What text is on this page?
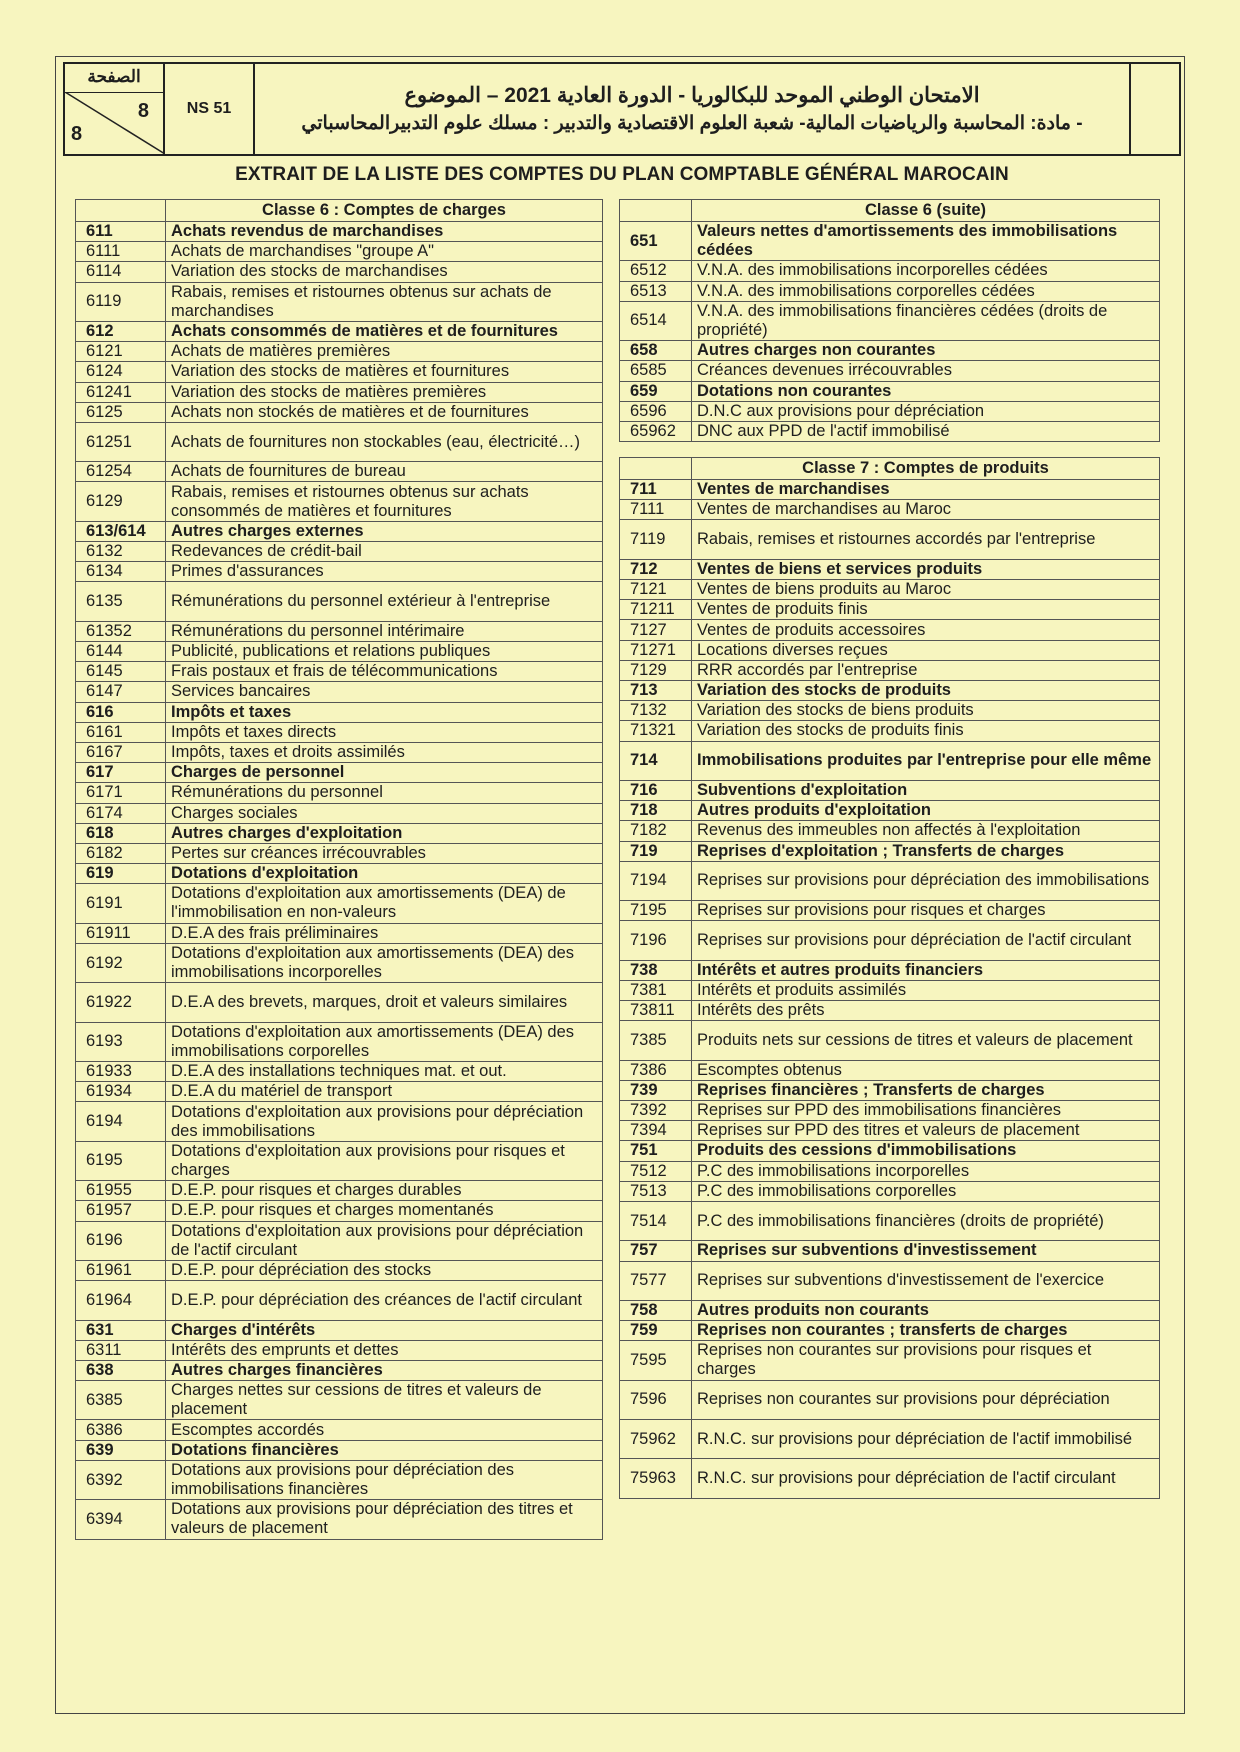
الصفحة
8
8
NS 51
الامتحان الوطني الموحد للبكالوريا - الدورة العادية 2021 – الموضوع
- مادة: المحاسبة والرياضيات المالية- شعبة العلوم الاقتصادية والتدبير : مسلك علوم التدبيرالمحاسباتي
EXTRAIT DE LA LISTE DES COMPTES DU PLAN COMPTABLE GÉNÉRAL MAROCAIN
	Classe 6 : Comptes de charges
611	Achats revendus de marchandises
6111	Achats de marchandises "groupe A"
6114	Variation des stocks de marchandises
6119	Rabais, remises et ristournes obtenus sur achats de marchandises
612	Achats consommés de matières et de fournitures
6121	Achats de matières premières
6124	Variation des stocks de matières et fournitures
61241	Variation des stocks de matières premières
6125	Achats non stockés de matières et de fournitures
61251	Achats de fournitures non stockables (eau, électricité…)
61254	Achats de fournitures de bureau
6129	Rabais, remises et ristournes obtenus sur achats consommés de matières et fournitures
613/614	Autres charges externes
6132	Redevances de crédit-bail
6134	Primes d'assurances
6135	Rémunérations du personnel extérieur à l'entreprise
61352	Rémunérations du personnel intérimaire
6144	Publicité, publications et relations publiques
6145	Frais postaux et frais de télécommunications
6147	Services bancaires
616	Impôts et taxes
6161	Impôts et taxes directs
6167	Impôts, taxes et droits assimilés
617	Charges de personnel
6171	Rémunérations du personnel
6174	Charges sociales
618	Autres charges d'exploitation
6182	Pertes sur créances irrécouvrables
619	Dotations d'exploitation
6191	Dotations d'exploitation aux amortissements (DEA) de l'immobilisation en non-valeurs
61911	D.E.A des frais préliminaires
6192	Dotations d'exploitation aux amortissements (DEA) des immobilisations incorporelles
61922	D.E.A des brevets, marques, droit et valeurs similaires
6193	Dotations d'exploitation aux amortissements (DEA) des immobilisations corporelles
61933	D.E.A des installations techniques mat. et out.
61934	D.E.A du matériel de transport
6194	Dotations d'exploitation aux provisions pour dépréciation des immobilisations
6195	Dotations d'exploitation aux provisions pour risques et charges
61955	D.E.P. pour risques et charges durables
61957	D.E.P. pour risques et charges momentanés
6196	Dotations d'exploitation aux provisions pour dépréciation de l'actif circulant
61961	D.E.P. pour dépréciation des stocks
61964	D.E.P. pour dépréciation des créances de l'actif circulant
631	Charges d'intérêts
6311	Intérêts des emprunts et dettes
638	Autres charges financières
6385	Charges nettes sur cessions de titres et valeurs de placement
6386	Escomptes accordés
639	Dotations financières
6392	Dotations aux provisions pour dépréciation des immobilisations financières
6394	Dotations aux provisions pour dépréciation des titres et valeurs de placement
	Classe 6 (suite)
651	Valeurs nettes d'amortissements des immobilisations cédées
6512	V.N.A. des immobilisations incorporelles cédées
6513	V.N.A. des immobilisations corporelles cédées
6514	V.N.A. des immobilisations financières cédées (droits de propriété)
658	Autres charges non courantes
6585	Créances devenues irrécouvrables
659	Dotations non courantes
6596	D.N.C aux provisions pour dépréciation
65962	DNC aux PPD de l'actif immobilisé

	Classe 7 : Comptes de produits
711	Ventes de marchandises
7111	Ventes de marchandises au Maroc
7119	Rabais, remises et ristournes accordés par l'entreprise
712	Ventes de biens et services produits
7121	Ventes de biens produits au Maroc
71211	Ventes de produits finis
7127	Ventes de produits accessoires
71271	Locations diverses reçues
7129	RRR accordés par l'entreprise
713	Variation des stocks de produits
7132	Variation des stocks de biens produits
71321	Variation des stocks de produits finis
714	Immobilisations produites par l'entreprise pour elle même
716	Subventions d'exploitation
718	Autres produits d'exploitation
7182	Revenus des immeubles non affectés à l'exploitation
719	Reprises d'exploitation ; Transferts de charges
7194	Reprises sur provisions pour dépréciation des immobilisations
7195	Reprises sur provisions pour risques et charges
7196	Reprises sur provisions pour dépréciation de l'actif circulant
738	Intérêts et autres produits financiers
7381	Intérêts et produits assimilés
73811	Intérêts des prêts
7385	Produits nets sur cessions de titres et valeurs de placement
7386	Escomptes obtenus
739	Reprises financières ; Transferts de charges
7392	Reprises sur PPD des immobilisations financières
7394	Reprises sur PPD des titres et valeurs de placement
751	Produits des cessions d'immobilisations
7512	P.C des immobilisations incorporelles
7513	P.C des immobilisations corporelles
7514	P.C des immobilisations financières (droits de propriété)
757	Reprises sur subventions d'investissement
7577	Reprises sur subventions d'investissement de l'exercice
758	Autres produits non courants
759	Reprises non courantes ; transferts de charges
7595	Reprises non courantes sur provisions pour risques et charges
7596	Reprises non courantes sur provisions pour dépréciation
75962	R.N.C. sur provisions pour dépréciation de l'actif immobilisé
75963	R.N.C. sur provisions pour dépréciation de l'actif circulant
